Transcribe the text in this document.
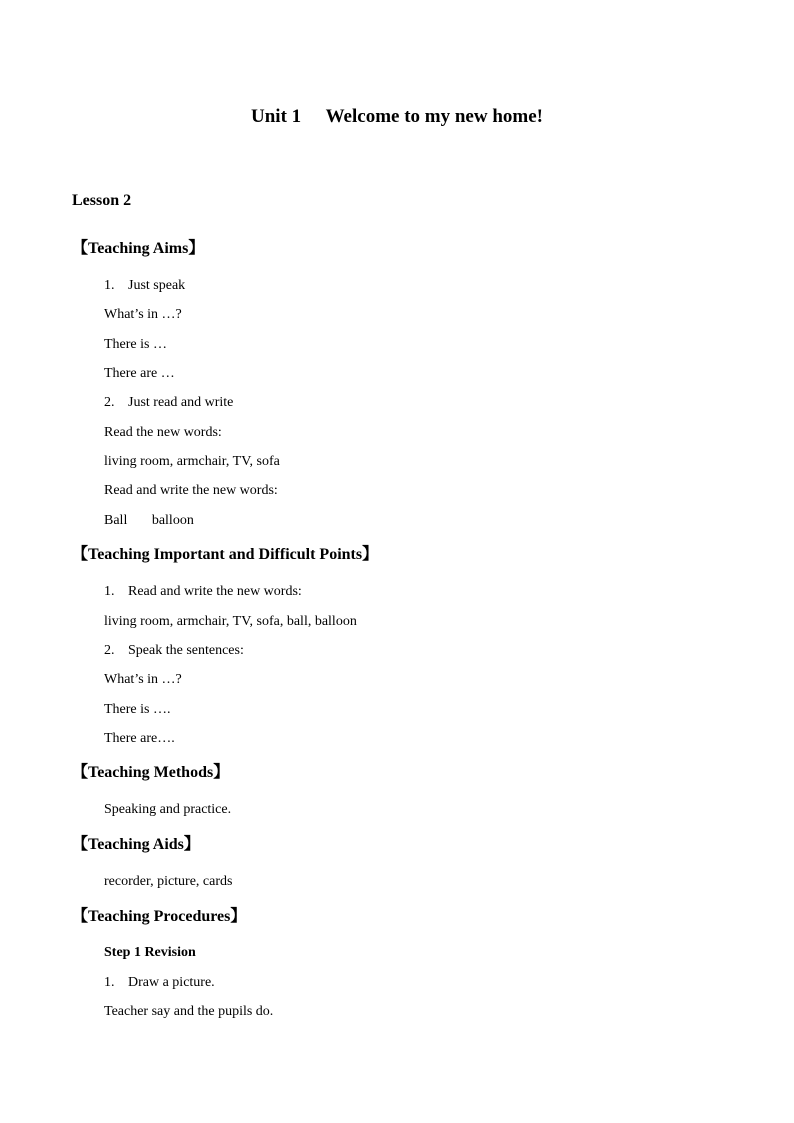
Unit 1 Welcome to my new home!
Lesson 2
【Teaching Aims】
1. Just speak
What’s in …?
There is …
There are …
2. Just read and write
Read the new words:
living room, armchair, TV, sofa
Read and write the new words:
Ball       balloon
【Teaching Important and Difficult Points】
1. Read and write the new words:
living room, armchair, TV, sofa, ball, balloon
2. Speak the sentences:
What’s in …?
There is ….
There are….
【Teaching Methods】
Speaking and practice.
【Teaching Aids】
recorder, picture, cards
【Teaching Procedures】
Step 1 Revision
1. Draw a picture.
Teacher say and the pupils do.
